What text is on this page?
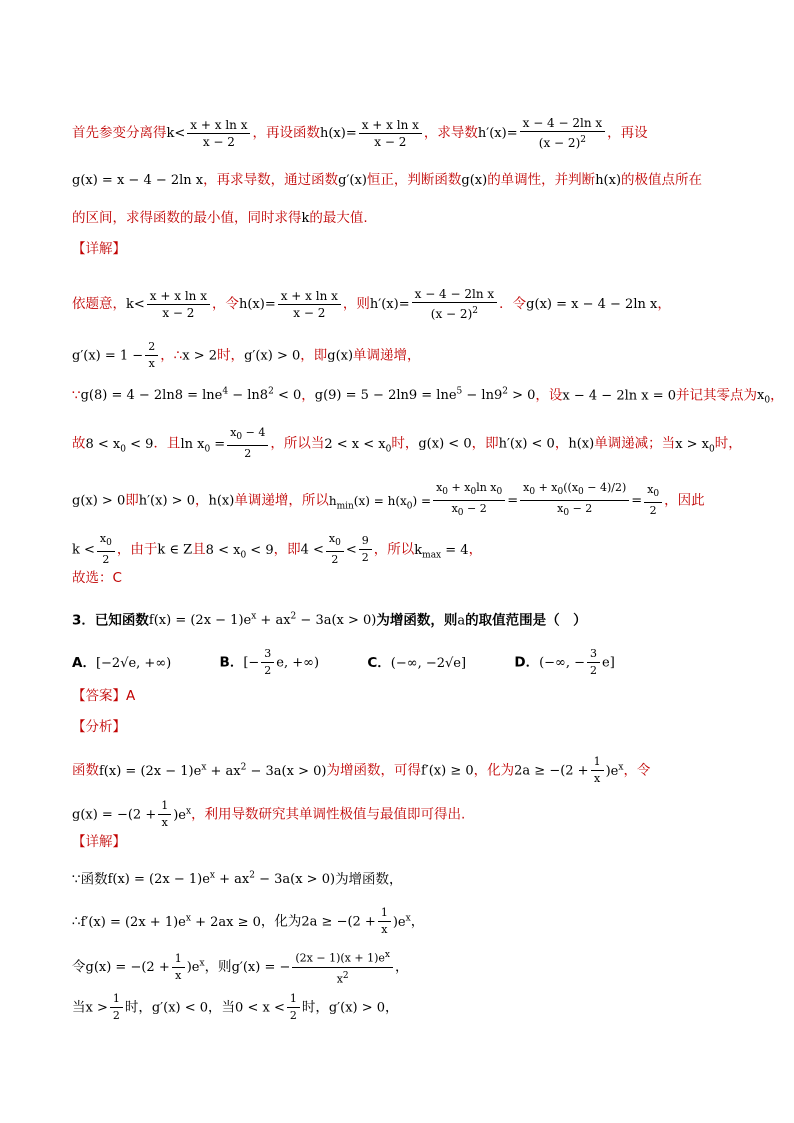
首先参变分离得$k< \frac{\text{x + x ln x}}{x - 2}$ ，再设函数$h(x)= \frac{\text{x + x ln x}}{x - 2}$ ，求导数$h'(x)= \frac{\text{x − 4 − 2ln x}}{(x - 2)^2}$ ，再设
g(x) = x − 4 − 2ln x，再求导数，通过函数g′(x)恒正，判断函数g(x)的单调性，并判断h(x)的极值点所在
的区间，求得函数的最小值，同时求得k的最大值.
【详解】
依题意，$k< \frac{\text{x + x ln x}}{x - 2}$ ，令$h(x)= \frac{\text{x + x ln x}}{x - 2}$ ，则$h'(x)= \frac{\text{x − 4 − 2ln x}}{(x - 2)^2}$ ．令g(x) = x − 4 − 2ln x，
$g'(x) = 1 - \frac{2}{x}$ ，∴x > 2时，g′(x) > 0，即g(x)单调递增，
∵g(8) = $4 - 2\ln 8 = \ln e^4 - \ln 8^2 < 0$，$g(9) = 5 - 2\ln 9 = \ln e^5 - \ln 9^2 > 0$，设x − 4 − 2ln x = 0并记其零点为$x_0$，
故$8 < x_0 < 9$．且$\ln x_0 = \frac{x_0 - 4}{2}$ ，所以当$2 < x < x_0$时，g(x) < 0，即h′(x) < 0，h(x)单调递减；当$x > x_0$时，
g(x) > 0即h′(x) > 0，h(x)单调递增，所以$h_{min}(x) = h(x_0) = \frac{x_0 + x_0\ln x_0}{x_0 - 2} = \frac{x_0 + x_0((x_0 - 4)/2)}{x_0 - 2} = \frac{x_0}{2}$ ，因此
$k < \frac{x_0}{2}$ ，由于k ∈ Z且$8 < x_0 < 9$，即$4 < \frac{x_0}{2} < \frac{9}{2}$ ，所以$k_{max} = 4$，
故选：C
3．已知函数$f(x) = (2x - 1)e^x + ax^2 - 3a(x > 0)$为增函数，则a的取值范围是（　）
A．[−2√e, +∞)	B．[− $\frac{3}{2} e$, +∞)	C．(−∞, −2√e]	D．(−∞, − $\frac{3}{2} e$]
【答案】A
【分析】
函数$f(x) = (2x - 1)e^x + ax^2 - 3a(x > 0)$为增函数，可得f′(x) ≥ 0，化为$2a \ge -(2 + \frac{1}{x} )e^x$，令
$g(x) = -(2 + \frac{1}{x} )e^x$，利用导数研究其单调性极值与最值即可得出.
【详解】
∵函数$f(x) = (2x - 1)e^x + ax^2 - 3a(x > 0)$为增函数，
∴f′(x) = $(2x + 1)e^x + 2ax \ge 0$，化为$2a \ge -(2 + \frac{1}{x} )e^x$，
令$g(x) = -(2 + \frac{1}{x} )e^x$，则g′(x) = − $\frac{(2x - 1)(x + 1)e^x}{x^2}$ ，
当$x > \frac{1}{2}$ 时，g′(x) < 0，当$0 < x < \frac{1}{2}$ 时，g′(x) > 0，
